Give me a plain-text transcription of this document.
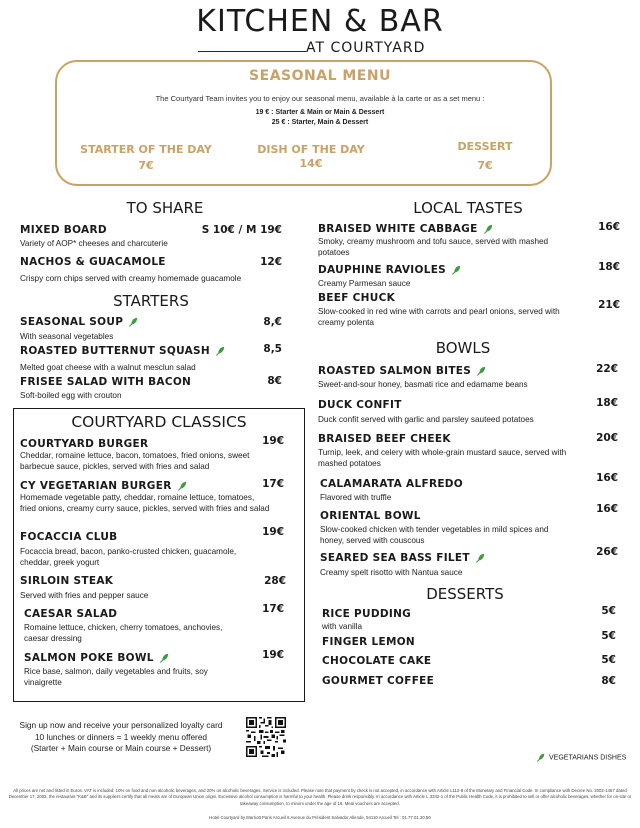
KITCHEN & BAR
AT COURTYARD
SEASONAL MENU
The Courtyard Team invites you to enjoy our seasonal menu, available à la carte or as a set menu :
19 € : Starter & Main or Main & Dessert
25 € : Starter, Main & Dessert
STARTER OF THE DAY
7€
DISH OF THE DAY
14€
DESSERT
7€
TO SHARE
MIXED BOARD	S 10€ / M 19€
Variety of AOP* cheeses and charcuterie
NACHOS & GUACAMOLE	12€
Crispy corn chips served with creamy homemade guacamole
STARTERS
SEASONAL SOUP	8,€
With seasonal vegetables
ROASTED BUTTERNUT SQUASH	8,5
Melted goat cheese with a walnut mesclun salad
FRISEE SALAD WITH BACON	8€
Soft-boiled egg with crouton
COURTYARD CLASSICS
COURTYARD BURGER	19€
Cheddar, romaine lettuce, bacon, tomatoes, fried onions, sweet barbecue sauce, pickles, served with fries and salad
CY VEGETARIAN BURGER	17€
Homemade vegetable patty, cheddar, romaine lettuce, tomatoes, fried onions, creamy curry sauce, pickles, served with fries and salad
FOCACCIA CLUB	19€
Focaccia bread, bacon, panko-crusted chicken, guacamole, cheddar, greek yogurt
SIRLOIN STEAK	28€
Served with fries and pepper sauce
CAESAR SALAD	17€
Romaine lettuce, chicken, cherry tomatoes, anchovies, caesar dressing
SALMON POKE BOWL	19€
Rice base, salmon, daily vegetables and fruits, soy vinaigrette
LOCAL TASTES
BRAISED WHITE CABBAGE	16€
Smoky, creamy mushroom and tofu sauce, served with mashed potatoes
DAUPHINE RAVIOLES	18€
Creamy Parmesan sauce
BEEF CHUCK
21€
Slow-cooked in red wine with carrots and pearl onions, served with creamy polenta
BOWLS
ROASTED SALMON BITES	22€
Sweet-and-sour honey, basmati rice and edamame beans
DUCK CONFIT	18€
Duck confit served with garlic and parsley sauteed potatoes
BRAISED BEEF CHEEK	20€
Turnip, leek, and celery with whole-grain mustard sauce, served with mashed potatoes
CALAMARATA ALFREDO	16€
Flavored with truffle
ORIENTAL BOWL
16€
Slow-cooked chicken with tender vegetables in mild spices and honey, served with couscous
SEARED SEA BASS FILET	26€
Creamy spelt risotto with Nantua sauce
DESSERTS
RICE PUDDING	5€
with vanilla
FINGER LEMON	5€
CHOCOLATE CAKE	5€
GOURMET COFFEE	8€
Sign up now and receive your personalized loyalty card
10 lunches or dinners = 1 weekly menu offered
(Starter + Main course or Main course + Dessert)
VEGETARIANS DISHES
All prices are net and listed in Euros. VAT is included: 10% on food and non-alcoholic beverages, and 20% on alcoholic beverages. Service is included. Please note that payment by check is not accepted, in accordance with Article L112-8 of the Monetary and Financial Code. In compliance with Decree No. 2002-1467 dated December 17, 2002, the restaurant "K&B" and its suppliers certify that all meats are of European Union origin. Excessive alcohol consumption is harmful to your health. Please drink responsibly. In accordance with Article L.3342-1 of the Public Health Code, it is prohibited to sell or offer alcoholic beverages, whether for on-site or takeaway consumption, to minors under the age of 16. Meal vouchers are accepted.
Hotel Courtyard by Marriott Paris Arcueil 6 Avenue du Président Salvador Allende, 94110 Arcueil Tel : 01.77.01.20.50
